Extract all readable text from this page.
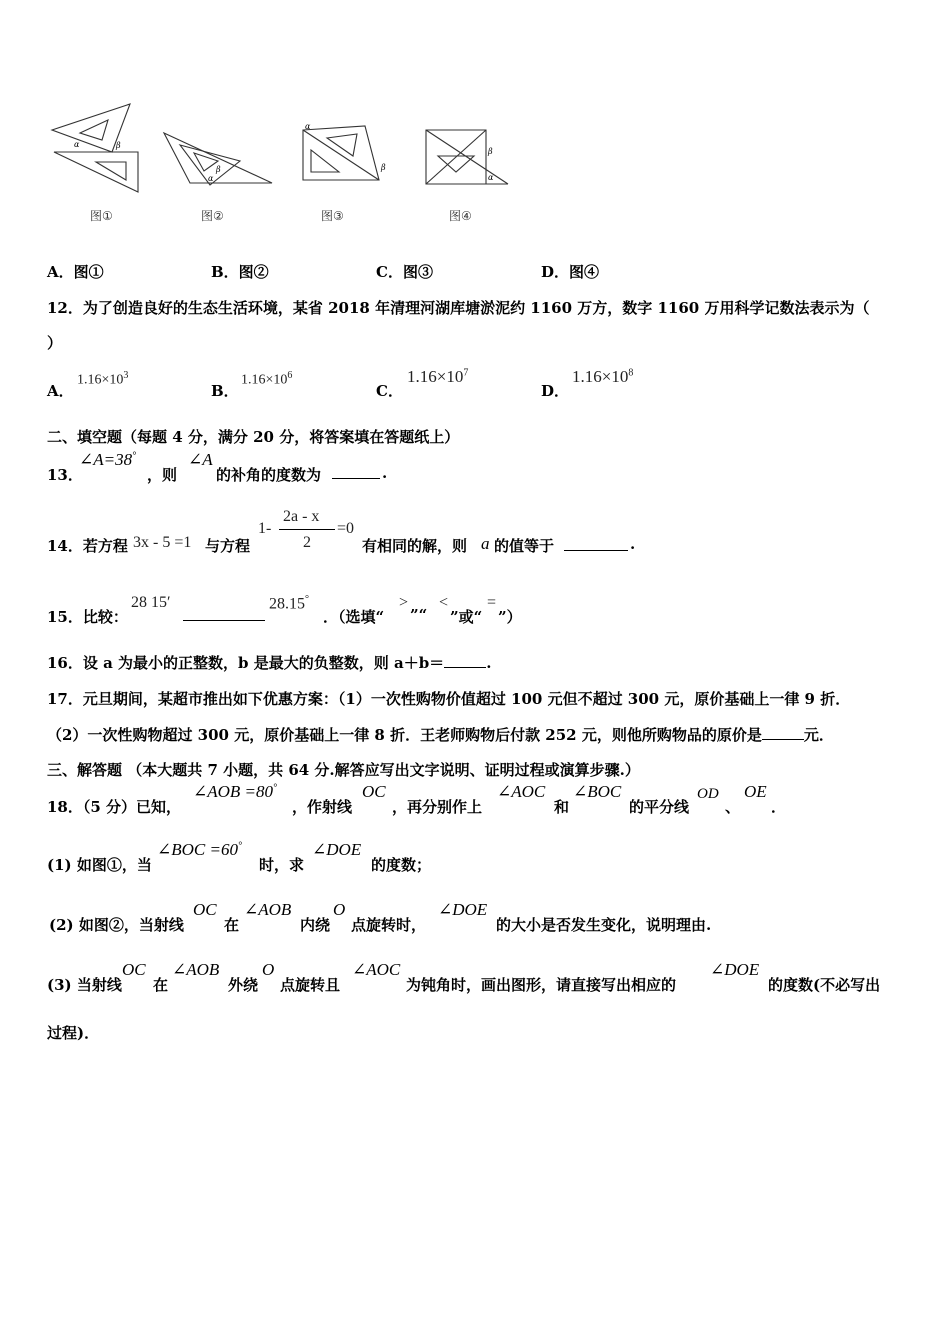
α	β
α
β
α
β
β
α
图①	图②	图③	图④
A．图①	B．图②	C．图③	D．图④
12．为了创造良好的生态生活环境，某省 2018 年清理河湖库塘淤泥约 1160 万方，数字 1160 万用科学记数法表示为（
）
A．
$1.16\times 10^3$
B．
$1.16\times 10^6$
C．
$1.16\times 10^7$
D．
$1.16\times 10^8$
二、填空题（每题 4 分，满分 20 分，将答案填在答题纸上）
13．
∠A=38°
，则
∠A
的补角的度数为	.
14．若方程 3x - 5 =1 与方程
1-
2a - x
2
=0
有相同的解，则 a 的值等于	.
15．比较：
28 15′	28.15°
．（选填“
>
”“
<
”或“
=
”）
16．设 a 为最小的正整数，b 是最大的负整数，则 a＋b＝	.
17．元旦期间，某超市推出如下优惠方案：（1）一次性购物价值超过 100 元但不超过 300 元，原价基础上一律 9 折．
（2）一次性购物超过 300 元，原价基础上一律 8 折．王老师购物后付款 252 元，则他所购物品的原价是	元．
三、解答题 （本大题共 7 小题，共 64 分.解答应写出文字说明、证明过程或演算步骤.）
18．（5 分）已知，
∠AOB =80°
，作射线
OC
，再分别作上
∠AOC
和
∠BOC
的平分线
OD
、
OE
．
(1) 如图①，当
∠BOC =60°
时，求
∠DOE
的度数；
(2) 如图②，当射线
OC
在
∠AOB
内绕
O
点旋转时，
∠DOE
的大小是否发生变化，说明理由.
(3) 当射线
OC
在
∠AOB
外绕
O
点旋转且
∠AOC
为钝角时，画出图形，请直接写出相应的
∠DOE
的度数(不必写出
过程)．
